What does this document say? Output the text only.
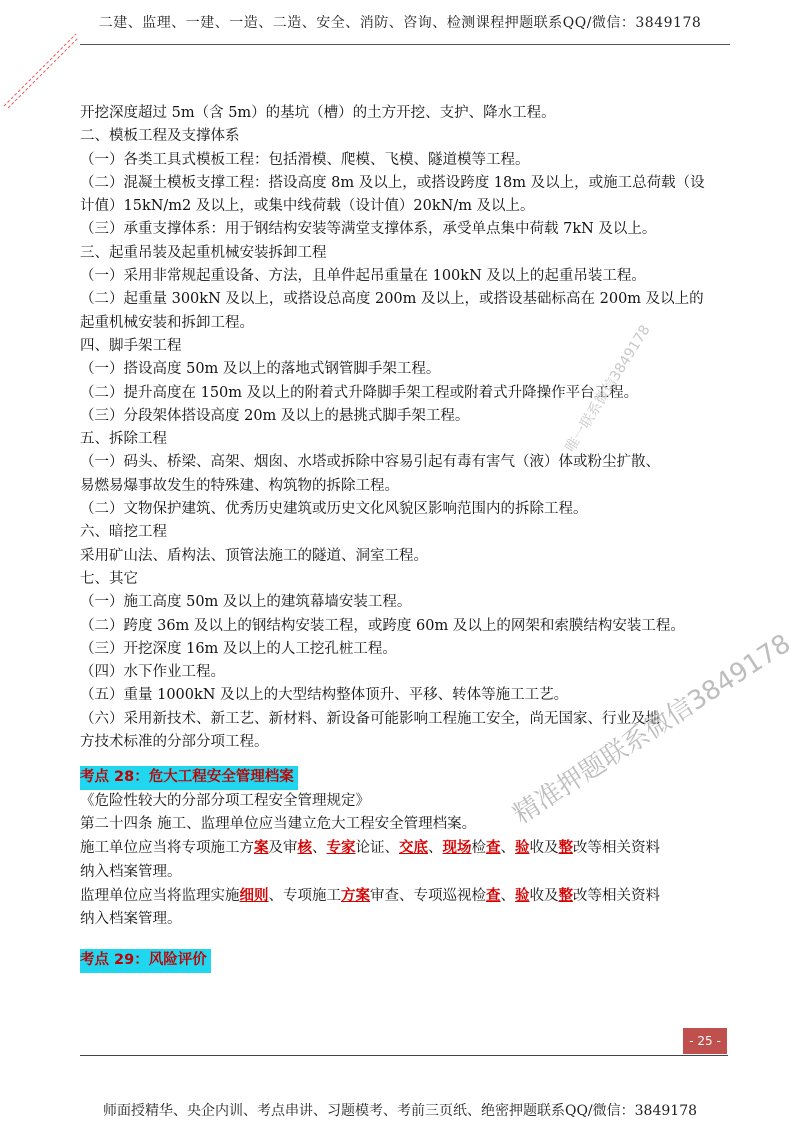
二建、监理、一建、一造、二造、安全、消防、咨询、检测课程押题联系QQ/微信：3849178
开挖深度超过 5m（含 5m）的基坑（槽）的土方开挖、支护、降水工程。
二、模板工程及支撑体系
（一）各类工具式模板工程：包括滑模、爬模、飞模、隧道模等工程。
（二）混凝土模板支撑工程：搭设高度 8m 及以上，或搭设跨度 18m 及以上，或施工总荷载（设
计值）15kN/m2 及以上，或集中线荷载（设计值）20kN/m 及以上。
（三）承重支撑体系：用于钢结构安装等满堂支撑体系，承受单点集中荷载 7kN 及以上。
三、起重吊装及起重机械安装拆卸工程
（一）采用非常规起重设备、方法，且单件起吊重量在 100kN 及以上的起重吊装工程。
（二）起重量 300kN 及以上，或搭设总高度 200m 及以上，或搭设基础标高在 200m 及以上的
起重机械安装和拆卸工程。
四、脚手架工程
（一）搭设高度 50m 及以上的落地式钢管脚手架工程。
（二）提升高度在 150m 及以上的附着式升降脚手架工程或附着式升降操作平台工程。
（三）分段架体搭设高度 20m 及以上的悬挑式脚手架工程。
五、拆除工程
（一）码头、桥梁、高架、烟囱、水塔或拆除中容易引起有毒有害气（液）体或粉尘扩散、
易燃易爆事故发生的特殊建、构筑物的拆除工程。
（二）文物保护建筑、优秀历史建筑或历史文化风貌区影响范围内的拆除工程。
六、暗挖工程
采用矿山法、盾构法、顶管法施工的隧道、洞室工程。
七、其它
（一）施工高度 50m 及以上的建筑幕墙安装工程。
（二）跨度 36m 及以上的钢结构安装工程，或跨度 60m 及以上的网架和索膜结构安装工程。
（三）开挖深度 16m 及以上的人工挖孔桩工程。
（四）水下作业工程。
（五）重量 1000kN 及以上的大型结构整体顶升、平移、转体等施工工艺。
（六）采用新技术、新工艺、新材料、新设备可能影响工程施工安全，尚无国家、行业及地
方技术标准的分部分项工程。
考点 28：危大工程安全管理档案
《危险性较大的分部分项工程安全管理规定》
第二十四条 施工、监理单位应当建立危大工程安全管理档案。
施工单位应当将专项施工方案及审核、专家论证、交底、现场检查、验收及整改等相关资料
纳入档案管理。
监理单位应当将监理实施细则、专项施工方案审查、专项巡视检查、验收及整改等相关资料
纳入档案管理。
考点 29：风险评价
唯一联系微信3849178
精准押题联系微信3849178
- 25 -
师面授精华、央企内训、考点串讲、习题模考、考前三页纸、绝密押题联系QQ/微信：3849178
